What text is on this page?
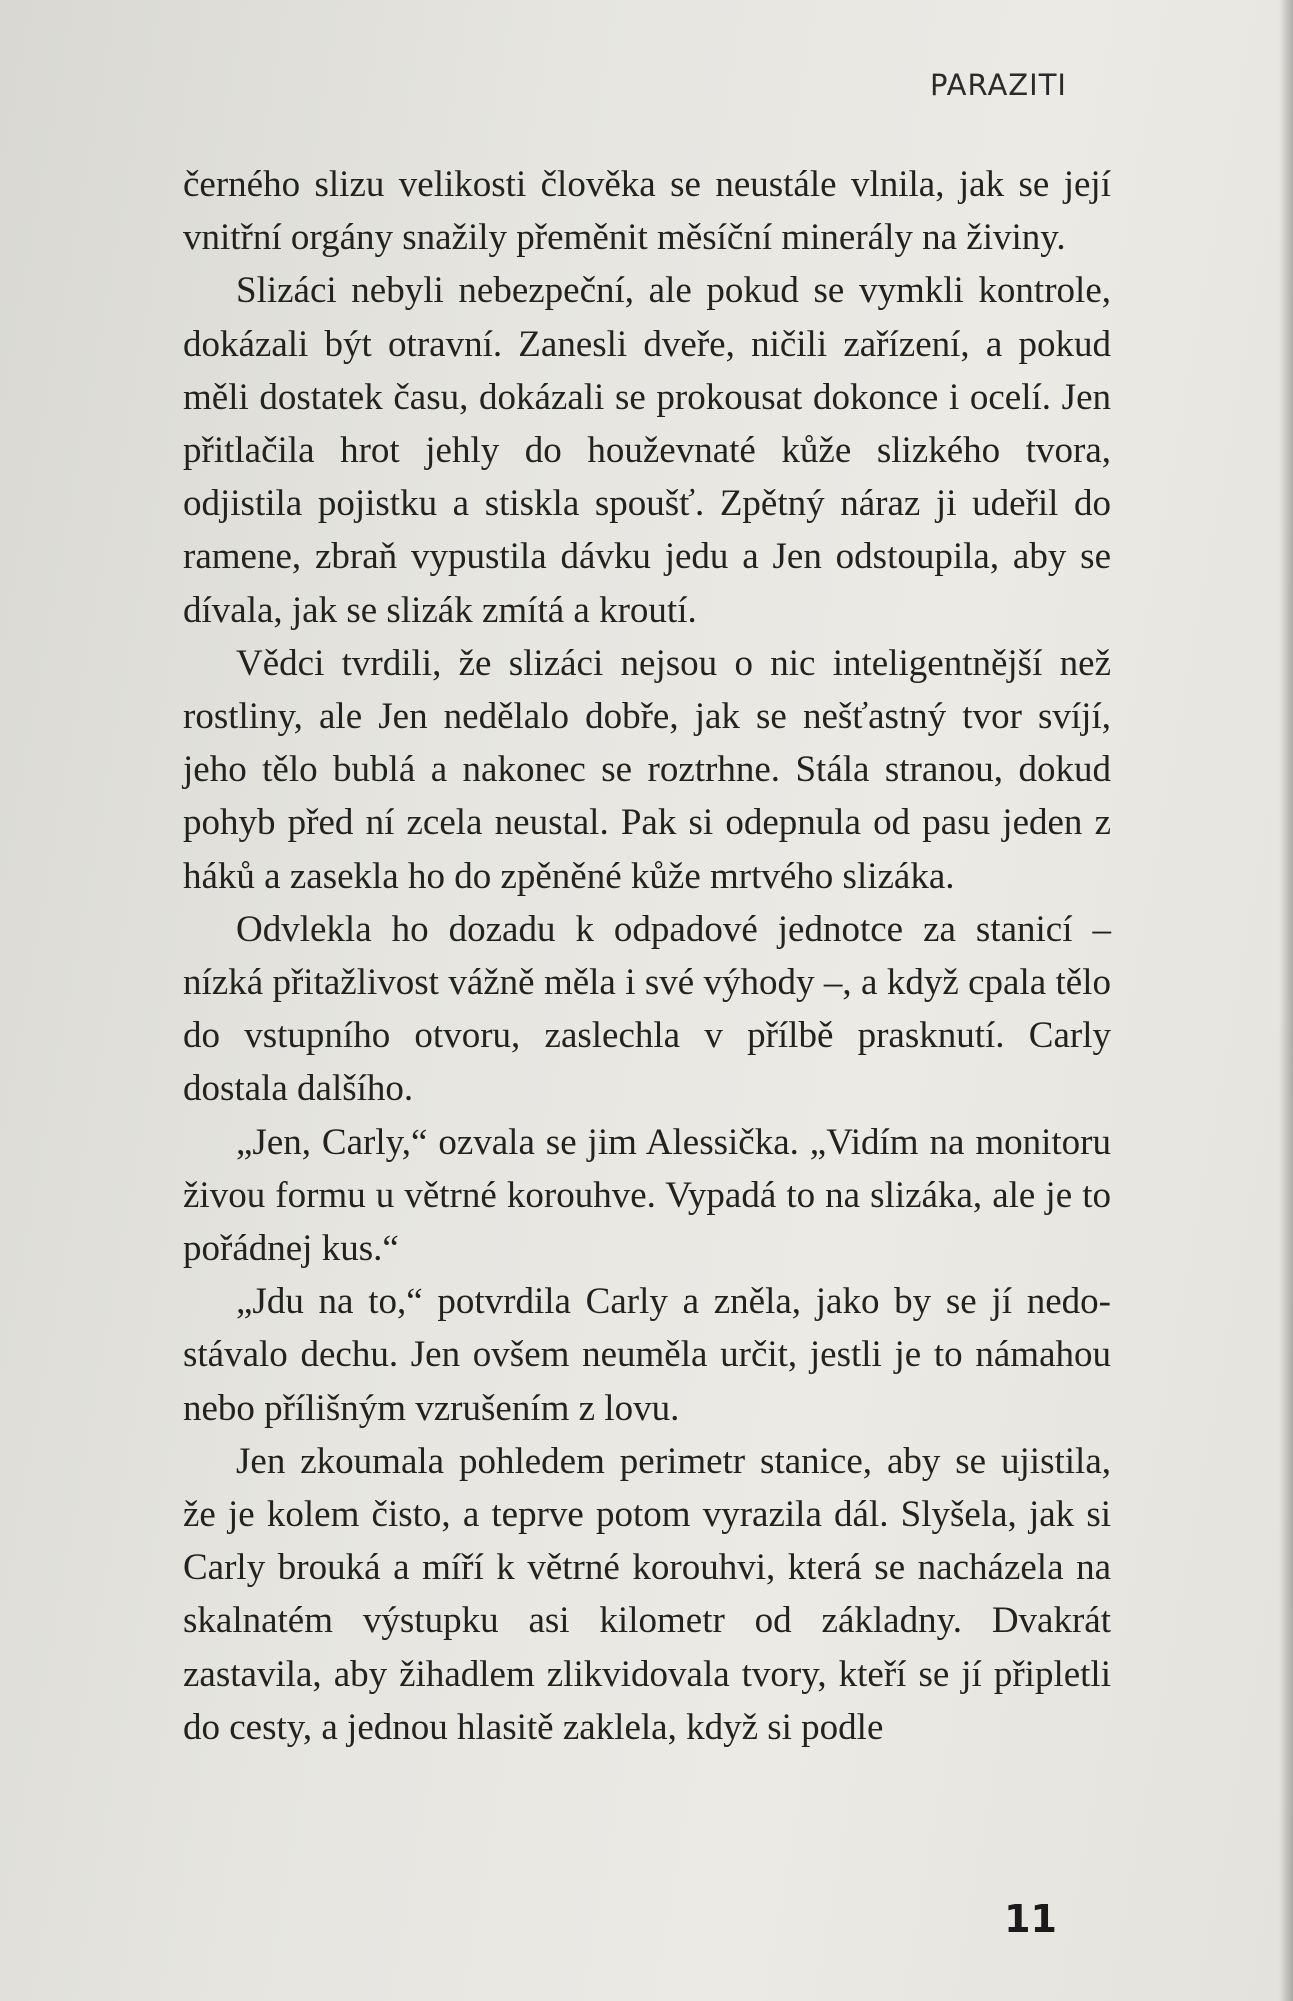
PARAZITI

černého slizu velikosti člověka se neustále vlnila, jak se její vnitřní orgány snažily přeměnit měsíční minerály na živiny.

Slizáci nebyli nebezpeční, ale pokud se vymkli kontrole, dokázali být otravní. Zanesli dveře, ničili zařízení, a pokud měli dostatek času, dokázali se prokousat dokonce i ocelí. Jen přitlačila hrot jehly do houževnaté kůže slizkého tvora, odjistila pojistku a stiskla spoušť. Zpětný náraz ji udeřil do ramene, zbraň vypustila dávku jedu a Jen odstoupila, aby se dívala, jak se slizák zmítá a kroutí.

Vědci tvrdili, že slizáci nejsou o nic inteligentnější než rostliny, ale Jen nedělalo dobře, jak se nešťastný tvor svíjí, jeho tělo bublá a nakonec se roztrhne. Stála stranou, dokud pohyb před ní zcela neustal. Pak si odepnula od pasu jeden z háků a zasekla ho do zpěněné kůže mrtvého slizáka.

Odvlekla ho dozadu k odpadové jednotce za stanicí – nízká přitažlivost vážně měla i své výhody –, a když cpala tělo do vstupního otvoru, zaslechla v přílbě prasknutí. Carly dostala dalšího.

„Jen, Carly,“ ozvala se jim Alessička. „Vidím na monitoru živou formu u větrné korouhve. Vypadá to na slizáka, ale je to pořádnej kus.“

„Jdu na to,“ potvrdila Carly a zněla, jako by se jí nedostávalo dechu. Jen ovšem neuměla určit, jestli je to námahou nebo přílišným vzrušením z lovu.

Jen zkoumala pohledem perimetr stanice, aby se ujistila, že je kolem čisto, a teprve potom vyrazila dál. Slyšela, jak si Carly brouká a míří k větrné korouhvi, která se nacházela na skalnatém výstupku asi kilometr od základny. Dvakrát zastavila, aby žihadlem zlikvidovala tvory, kteří se jí připletli do cesty, a jednou hlasitě zaklela, když si podle

11
